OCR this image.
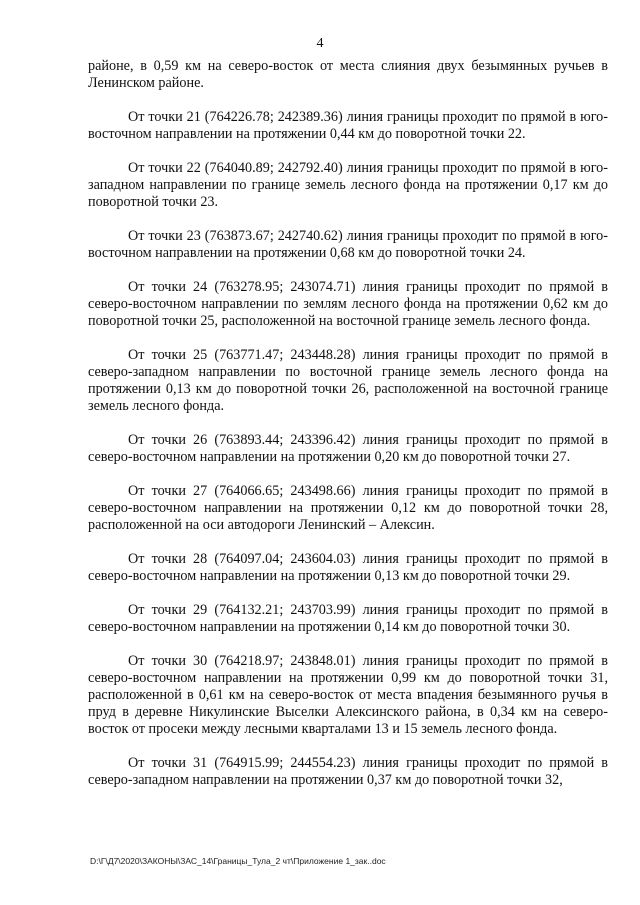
4

районе, в 0,59 км на северо-восток от места слияния двух безымянных ручьев в Ленинском районе.

От точки 21 (764226.78; 242389.36) линия границы проходит по прямой в юго-восточном направлении на протяжении 0,44 км до поворотной точки 22.

От точки 22 (764040.89; 242792.40) линия границы проходит по прямой в юго-западном направлении по границе земель лесного фонда на протяжении 0,17 км до поворотной точки 23.

От точки 23 (763873.67; 242740.62) линия границы проходит по прямой в юго-восточном направлении на протяжении 0,68 км до поворотной точки 24.

От точки 24 (763278.95; 243074.71) линия границы проходит по прямой в северо-восточном направлении по землям лесного фонда на протяжении 0,62 км до поворотной точки 25, расположенной на восточной границе земель лесного фонда.

От точки 25 (763771.47; 243448.28) линия границы проходит по прямой в северо-западном направлении по восточной границе земель лесного фонда на протяжении 0,13 км до поворотной точки 26, расположенной на восточной границе земель лесного фонда.

От точки 26 (763893.44; 243396.42) линия границы проходит по прямой в северо-восточном направлении на протяжении 0,20 км до поворотной точки 27.

От точки 27 (764066.65; 243498.66) линия границы проходит по прямой в северо-восточном направлении на протяжении 0,12 км до поворотной точки 28, расположенной на оси автодороги Ленинский – Алексин.

От точки 28 (764097.04; 243604.03) линия границы проходит по прямой в северо-восточном направлении на протяжении 0,13 км до поворотной точки 29.

От точки 29 (764132.21; 243703.99) линия границы проходит по прямой в северо-восточном направлении на протяжении 0,14 км до поворотной точки 30.

От точки 30 (764218.97; 243848.01) линия границы проходит по прямой в северо-восточном направлении на протяжении 0,99 км до поворотной точки 31, расположенной в 0,61 км на северо-восток от места впадения безымянного ручья в пруд в деревне Никулинские Выселки Алексинского района, в 0,34 км на северо-восток от просеки между лесными кварталами 13 и 15 земель лесного фонда.

От точки 31 (764915.99; 244554.23) линия границы проходит по прямой в северо-западном направлении на протяжении 0,37 км до поворотной точки 32,

D:\Г\Д7\2020\ЗАКОНЫ\ЗАС_14\Границы_Тула_2 чт\Приложение 1_зак..doc
